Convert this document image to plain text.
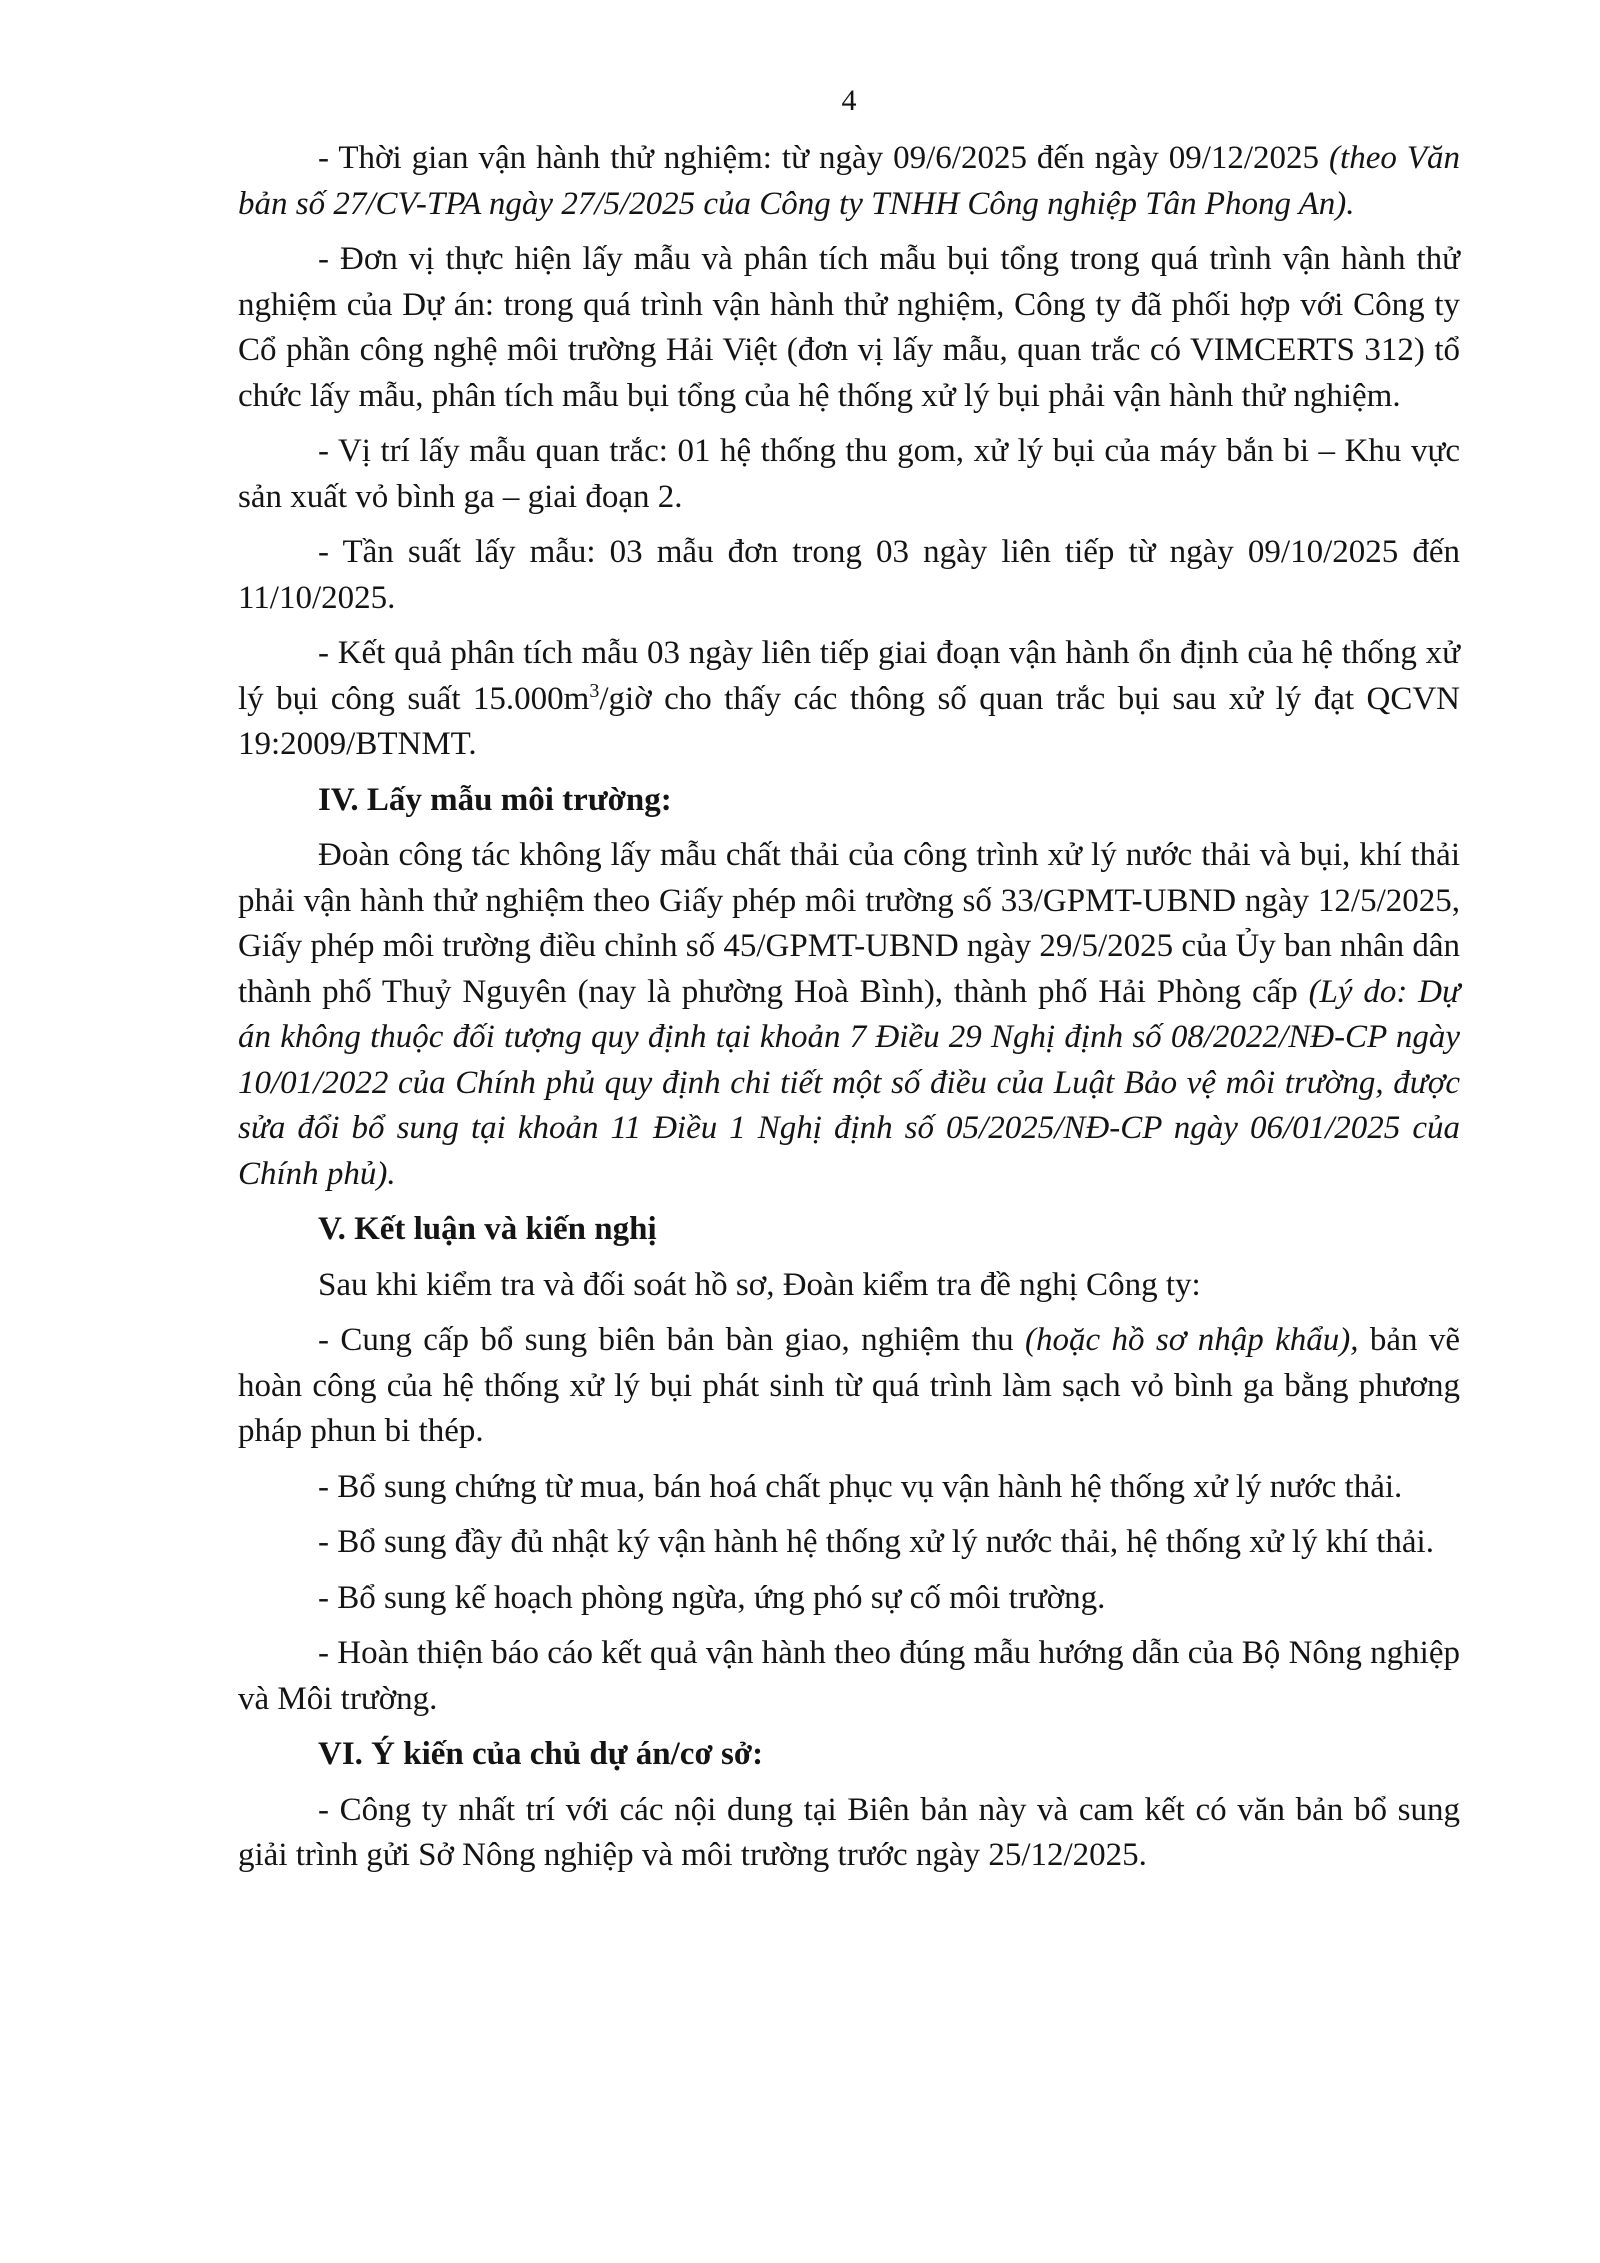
4

- Thời gian vận hành thử nghiệm: từ ngày 09/6/2025 đến ngày 09/12/2025 (theo Văn bản số 27/CV-TPA ngày 27/5/2025 của Công ty TNHH Công nghiệp Tân Phong An).

- Đơn vị thực hiện lấy mẫu và phân tích mẫu bụi tổng trong quá trình vận hành thử nghiệm của Dự án: trong quá trình vận hành thử nghiệm, Công ty đã phối hợp với Công ty Cổ phần công nghệ môi trường Hải Việt (đơn vị lấy mẫu, quan trắc có VIMCERTS 312) tổ chức lấy mẫu, phân tích mẫu bụi tổng của hệ thống xử lý bụi phải vận hành thử nghiệm.

- Vị trí lấy mẫu quan trắc: 01 hệ thống thu gom, xử lý bụi của máy bắn bi – Khu vực sản xuất vỏ bình ga – giai đoạn 2.

- Tần suất lấy mẫu: 03 mẫu đơn trong 03 ngày liên tiếp từ ngày 09/10/2025 đến 11/10/2025.

- Kết quả phân tích mẫu 03 ngày liên tiếp giai đoạn vận hành ổn định của hệ thống xử lý bụi công suất $15.000m^3$/giờ cho thấy các thông số quan trắc bụi sau xử lý đạt QCVN 19:2009/BTNMT.

IV. Lấy mẫu môi trường:

Đoàn công tác không lấy mẫu chất thải của công trình xử lý nước thải và bụi, khí thải phải vận hành thử nghiệm theo Giấy phép môi trường số 33/GPMT-UBND ngày 12/5/2025, Giấy phép môi trường điều chỉnh số 45/GPMT-UBND ngày 29/5/2025 của Ủy ban nhân dân thành phố Thuỷ Nguyên (nay là phường Hoà Bình), thành phố Hải Phòng cấp (Lý do: Dự án không thuộc đối tượng quy định tại khoản 7 Điều 29 Nghị định số 08/2022/NĐ-CP ngày 10/01/2022 của Chính phủ quy định chi tiết một số điều của Luật Bảo vệ môi trường, được sửa đổi bổ sung tại khoản 11 Điều 1 Nghị định số 05/2025/NĐ-CP ngày 06/01/2025 của Chính phủ).

V. Kết luận và kiến nghị

Sau khi kiểm tra và đối soát hồ sơ, Đoàn kiểm tra đề nghị Công ty:

- Cung cấp bổ sung biên bản bàn giao, nghiệm thu (hoặc hồ sơ nhập khẩu), bản vẽ hoàn công của hệ thống xử lý bụi phát sinh từ quá trình làm sạch vỏ bình ga bằng phương pháp phun bi thép.

- Bổ sung chứng từ mua, bán hoá chất phục vụ vận hành hệ thống xử lý nước thải.

- Bổ sung đầy đủ nhật ký vận hành hệ thống xử lý nước thải, hệ thống xử lý khí thải.

- Bổ sung kế hoạch phòng ngừa, ứng phó sự cố môi trường.

- Hoàn thiện báo cáo kết quả vận hành theo đúng mẫu hướng dẫn của Bộ Nông nghiệp và Môi trường.

VI. Ý kiến của chủ dự án/cơ sở:

- Công ty nhất trí với các nội dung tại Biên bản này và cam kết có văn bản bổ sung giải trình gửi Sở Nông nghiệp và môi trường trước ngày 25/12/2025.
